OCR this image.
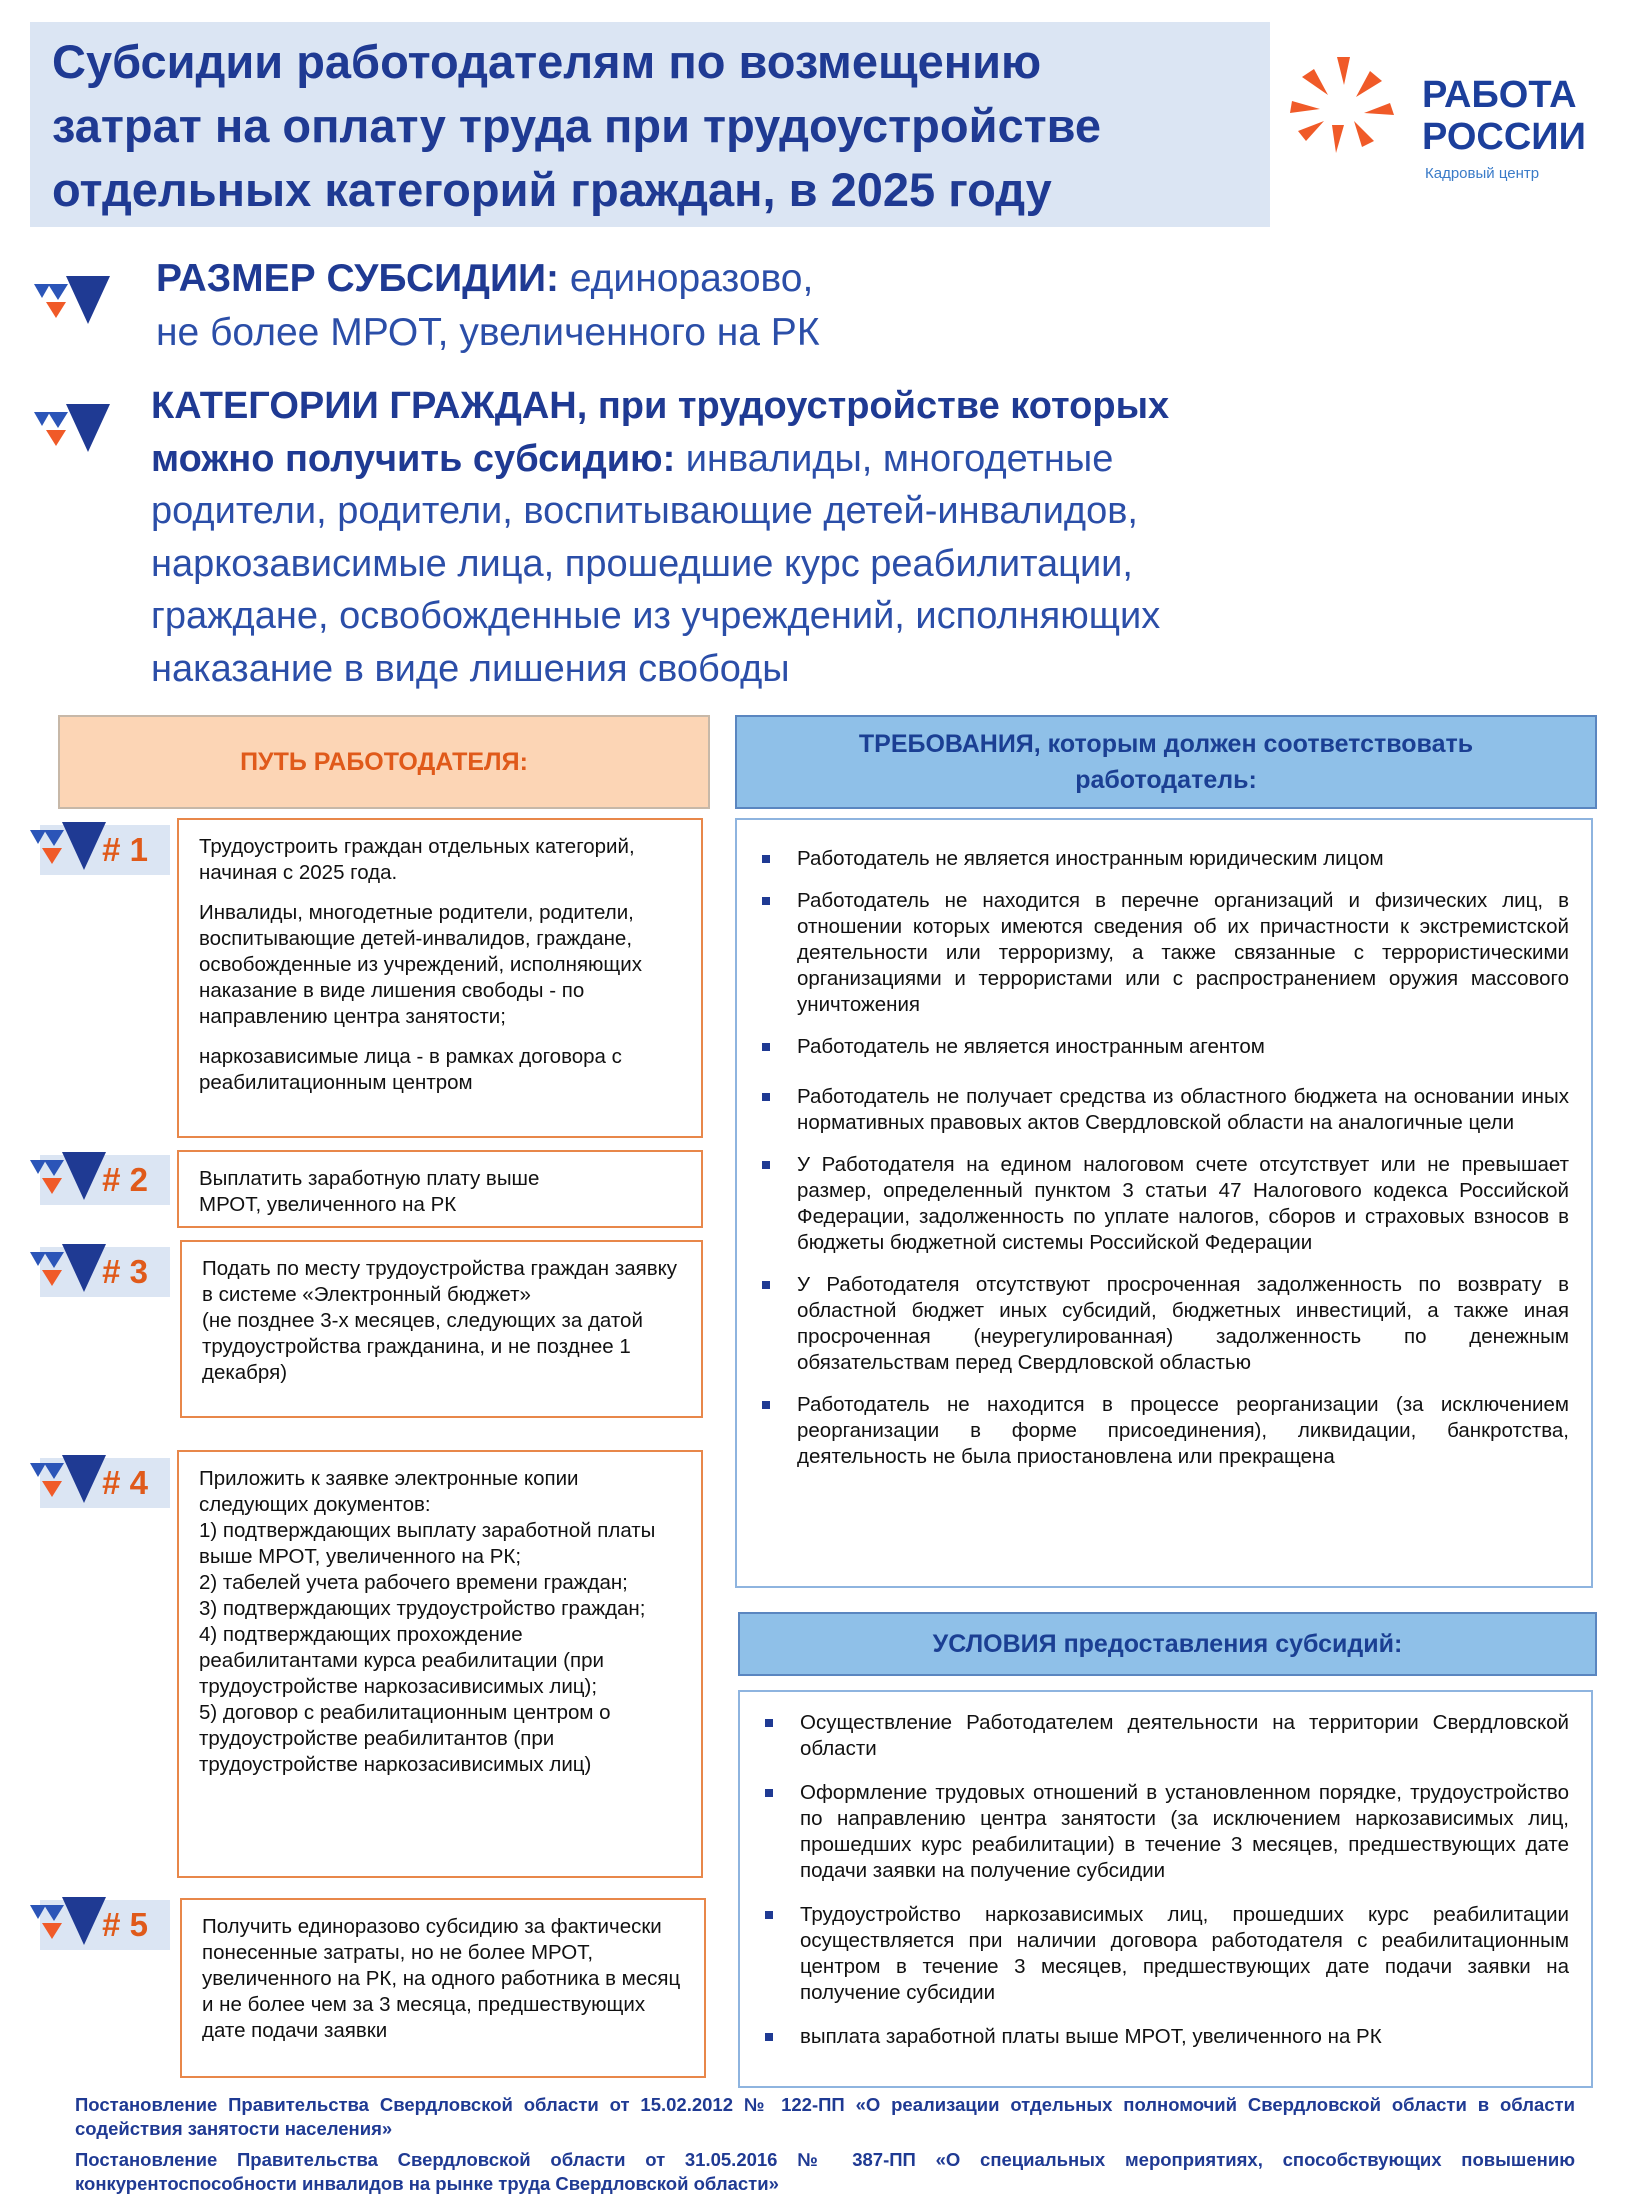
Субсидии работодателям по возмещению
затрат на оплату труда при трудоустройстве
отдельных категорий граждан, в 2025 году
РАБОТА
РОССИИ
Кадровый центр
РАЗМЕР СУБСИДИИ: единоразово,
не более МРОТ, увеличенного на РК
КАТЕГОРИИ ГРАЖДАН, при трудоустройстве которых
можно получить субсидию: инвалиды, многодетные
родители, родители, воспитывающие детей-инвалидов,
наркозависимые лица, прошедшие курс реабилитации,
граждане, освобожденные из учреждений, исполняющих
наказание в виде лишения свободы
ПУТЬ РАБОТОДАТЕЛЯ:
ТРЕБОВАНИЯ, которым должен соответствовать работодатель:
# 1 Трудоустроить граждан отдельных категорий, начиная с 2025 года.

Инвалиды, многодетные родители, родители, воспитывающие детей-инвалидов, граждане, освобожденные из учреждений, исполняющих наказание в виде лишения свободы - по направлению центра занятости;

наркозависимые лица - в рамках договора с реабилитационным центром

# 2 Выплатить заработную плату выше МРОТ, увеличенного на РК

# 3	Подать по месту трудоустройства граждан заявку в системе «Электронный бюджет»
(не позднее 3-х месяцев, следующих за датой трудоустройства гражданина, и не позднее 1 декабря)
# 4 Приложить к заявке электронные копии следующих документов:
1) подтверждающих выплату заработной платы выше МРОТ, увеличенного на РК;
2) табелей учета рабочего времени граждан;
3) подтверждающих трудоустройство граждан;
4) подтверждающих прохождение реабилитантами курса реабилитации (при трудоустройстве наркозасивисимых лиц);
5) договор с реабилитационным центром о трудоустройстве реабилитантов (при трудоустройстве наркозасивисимых лиц)
# 5	Получить единоразово субсидию за фактически понесенные затраты, но не более МРОТ, увеличенного на РК, на одного работника в месяц и не более чем за 3 месяца, предшествующих дате подачи заявки
Работодатель не является иностранным юридическим лицом
Работодатель не находится в перечне организаций и физических лиц, в отношении которых имеются сведения об их причастности к экстремистской деятельности или терроризму, а также связанные с террористическими организациями и террористами или с распространением оружия массового уничтожения
Работодатель не является иностранным агентом
Работодатель не получает средства из областного бюджета на основании иных нормативных правовых актов Свердловской области на аналогичные цели
У Работодателя на едином налоговом счете отсутствует или не превышает размер, определенный пунктом 3 статьи 47 Налогового кодекса Российской Федерации, задолженность по уплате налогов, сборов и страховых взносов в бюджеты бюджетной системы Российской Федерации
У Работодателя отсутствуют просроченная задолженность по возврату в областной бюджет иных субсидий, бюджетных инвестиций, а также иная просроченная (неурегулированная) задолженность по денежным обязательствам перед Свердловской областью
Работодатель не находится в процессе реорганизации (за исключением реорганизации в форме присоединения), ликвидации, банкротства, деятельность не была приостановлена или прекращена
УСЛОВИЯ предоставления субсидий:
Осуществление Работодателем деятельности на территории Свердловской области
Оформление трудовых отношений в установленном порядке, трудоустройство по направлению центра занятости (за исключением наркозависимых лиц, прошедших курс реабилитации) в течение 3 месяцев, предшествующих дате подачи заявки на получение субсидии
Трудоустройство наркозависимых лиц, прошедших курс реабилитации осуществляется при наличии договора работодателя с реабилитационным центром в течение 3 месяцев, предшествующих дате подачи заявки на получение субсидии
выплата заработной платы выше МРОТ, увеличенного на РК
Постановление Правительства Свердловской области от 15.02.2012 № 122-ПП «О реализации отдельных полномочий Свердловской области в области содействия занятости населения»
Постановление Правительства Свердловской области от 31.05.2016 № 387-ПП «О специальных мероприятиях, способствующих повышению конкурентоспособности инвалидов на рынке труда Свердловской области»
